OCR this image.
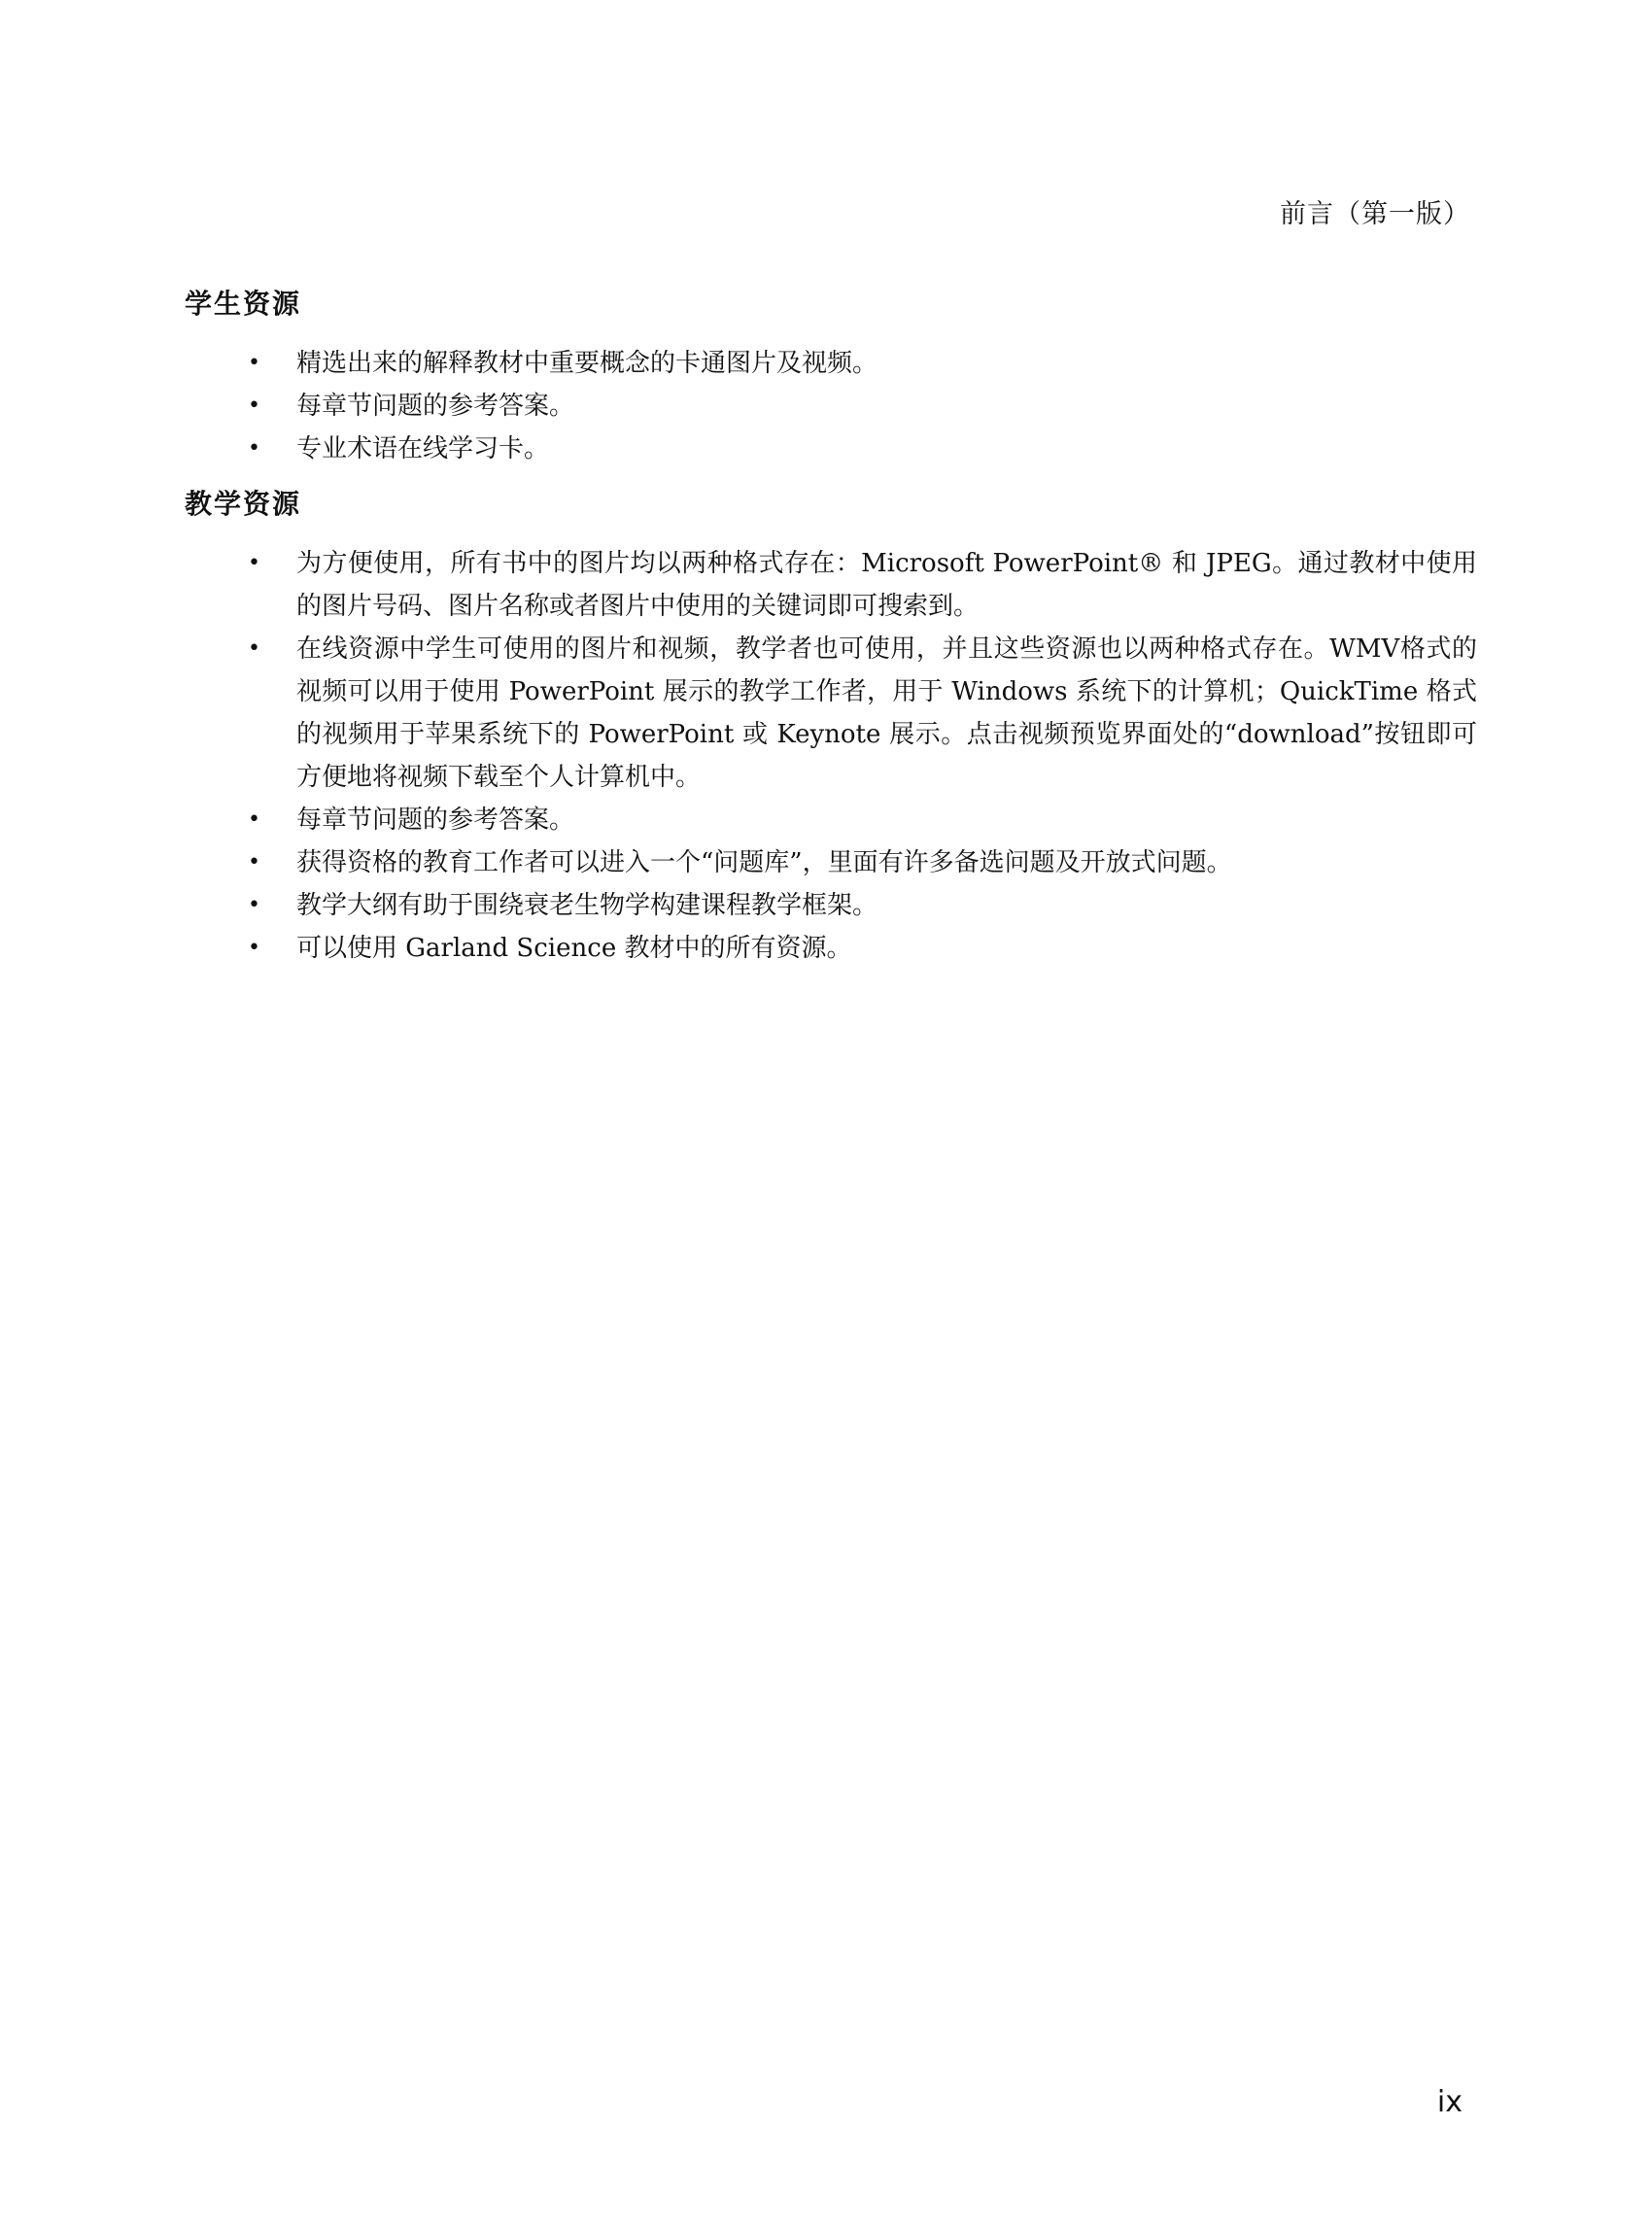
前言（第一版）
学生资源
• 精选出来的解释教材中重要概念的卡通图片及视频。
• 每章节问题的参考答案。
• 专业术语在线学习卡。
教学资源
• 为方便使用，所有书中的图片均以两种格式存在：Microsoft PowerPoint® 和 JPEG。通过教材中使用的图片号码、图片名称或者图片中使用的关键词即可搜索到。
• 在线资源中学生可使用的图片和视频，教学者也可使用，并且这些资源也以两种格式存在。WMV格式的视频可以用于使用 PowerPoint 展示的教学工作者，用于 Windows 系统下的计算机；QuickTime 格式的视频用于苹果系统下的 PowerPoint 或 Keynote 展示。点击视频预览界面处的“download”按钮即可方便地将视频下载至个人计算机中。
• 每章节问题的参考答案。
• 获得资格的教育工作者可以进入一个“问题库”，里面有许多备选问题及开放式问题。
• 教学大纲有助于围绕衰老生物学构建课程教学框架。
• 可以使用 Garland Science 教材中的所有资源。
ix
